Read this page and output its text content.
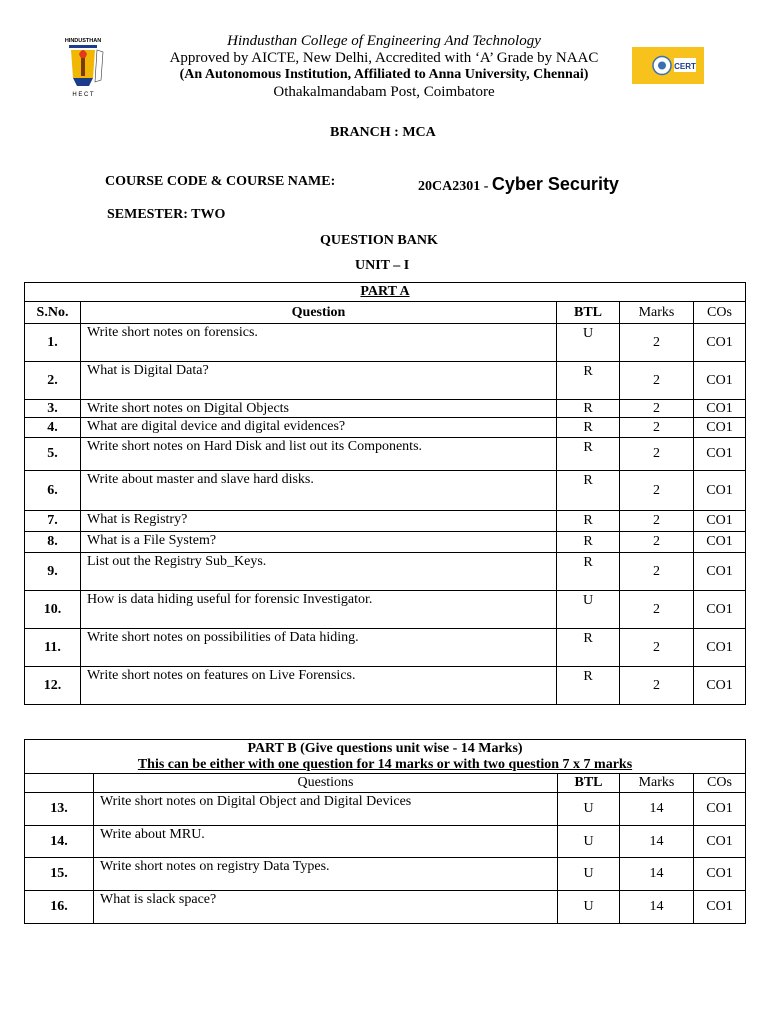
HINDUSTHAN
H E C T
Hindusthan College of Engineering And Technology
Approved by AICTE, New Delhi, Accredited with ‘A’ Grade by NAAC
(An Autonomous Institution, Affiliated to Anna University, Chennai)
Othakalmandabam Post, Coimbatore
CERT
BRANCH : MCA
COURSE CODE & COURSE NAME:	20CA2301 - Cyber Security
SEMESTER: TWO
QUESTION BANK
UNIT – I
PART A				
S.No.	Question	BTL	Marks	COs
1.	Write short notes on forensics.	U	2	CO1
2.	What is Digital Data?	R	2	CO1
3.	Write short notes on Digital Objects	R	2	CO1
4.	What are digital device and digital evidences?	R	2	CO1
5.	Write short notes on Hard Disk and list out its Components.	R	2	CO1
6.	Write about master and slave hard disks.	R	2	CO1
7.	What is Registry?	R	2	CO1
8.	What is a File System?	R	2	CO1
9.	List out the Registry Sub_Keys.	R	2	CO1
10.	How is data hiding useful for forensic Investigator.	U	2	CO1
11.	Write short notes on possibilities of Data hiding.	R	2	CO1
12.	Write short notes on features on Live Forensics.	R	2	CO1
PART B (Give questions unit wise - 14 Marks)
This can be either with one question for 14 marks or with two question 7 x 7 marks				

	Questions	BTL	Marks	COs
13.	Write short notes on Digital Object and Digital Devices	U	14	CO1
14.	Write about MRU.	U	14	CO1
15.	Write short notes on registry Data Types.	U	14	CO1
16.	What is slack space?	U	14	CO1
